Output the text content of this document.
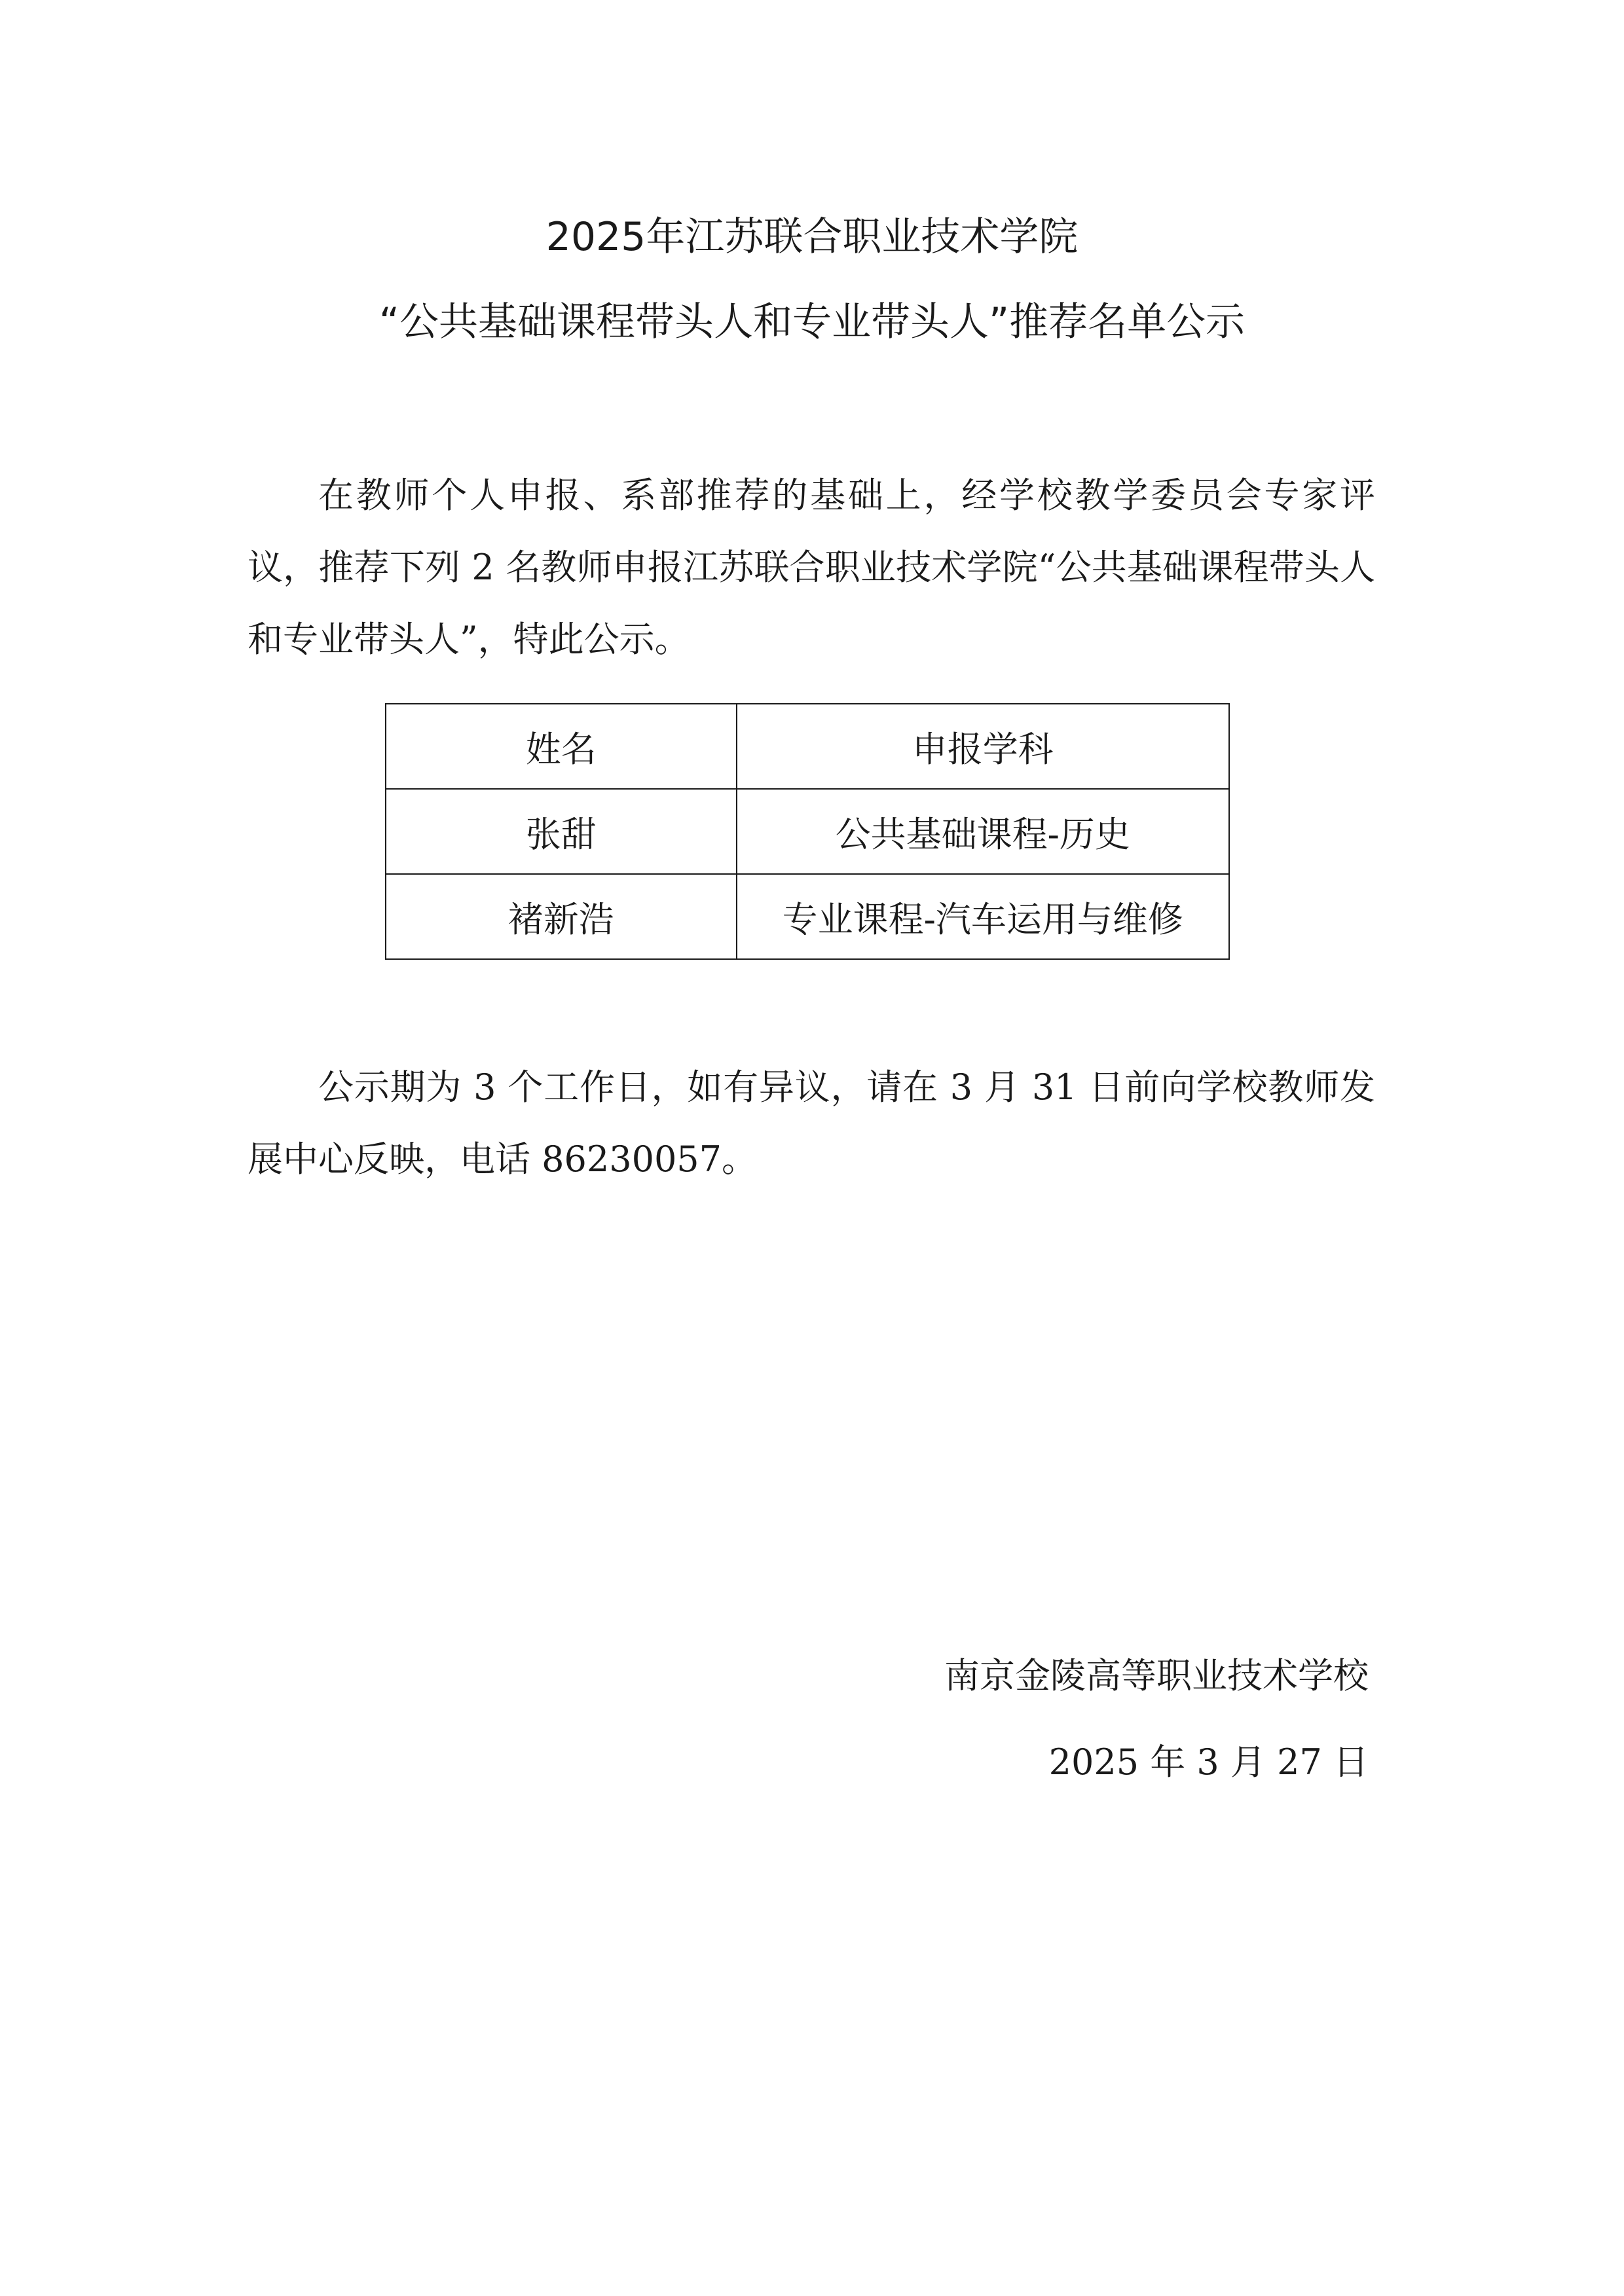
2025年江苏联合职业技术学院
“公共基础课程带头人和专业带头人”推荐名单公示

在教师个人申报、系部推荐的基础上，经学校教学委员会专家评议，推荐下列 2 名教师申报江苏联合职业技术学院“公共基础课程带头人和专业带头人”，特此公示。

姓名	申报学科
张甜	公共基础课程-历史
褚新浩	专业课程-汽车运用与维修

公示期为 3 个工作日，如有异议，请在 3 月 31 日前向学校教师发展中心反映，电话 86230057。

南京金陵高等职业技术学校
2025 年 3 月 27 日
